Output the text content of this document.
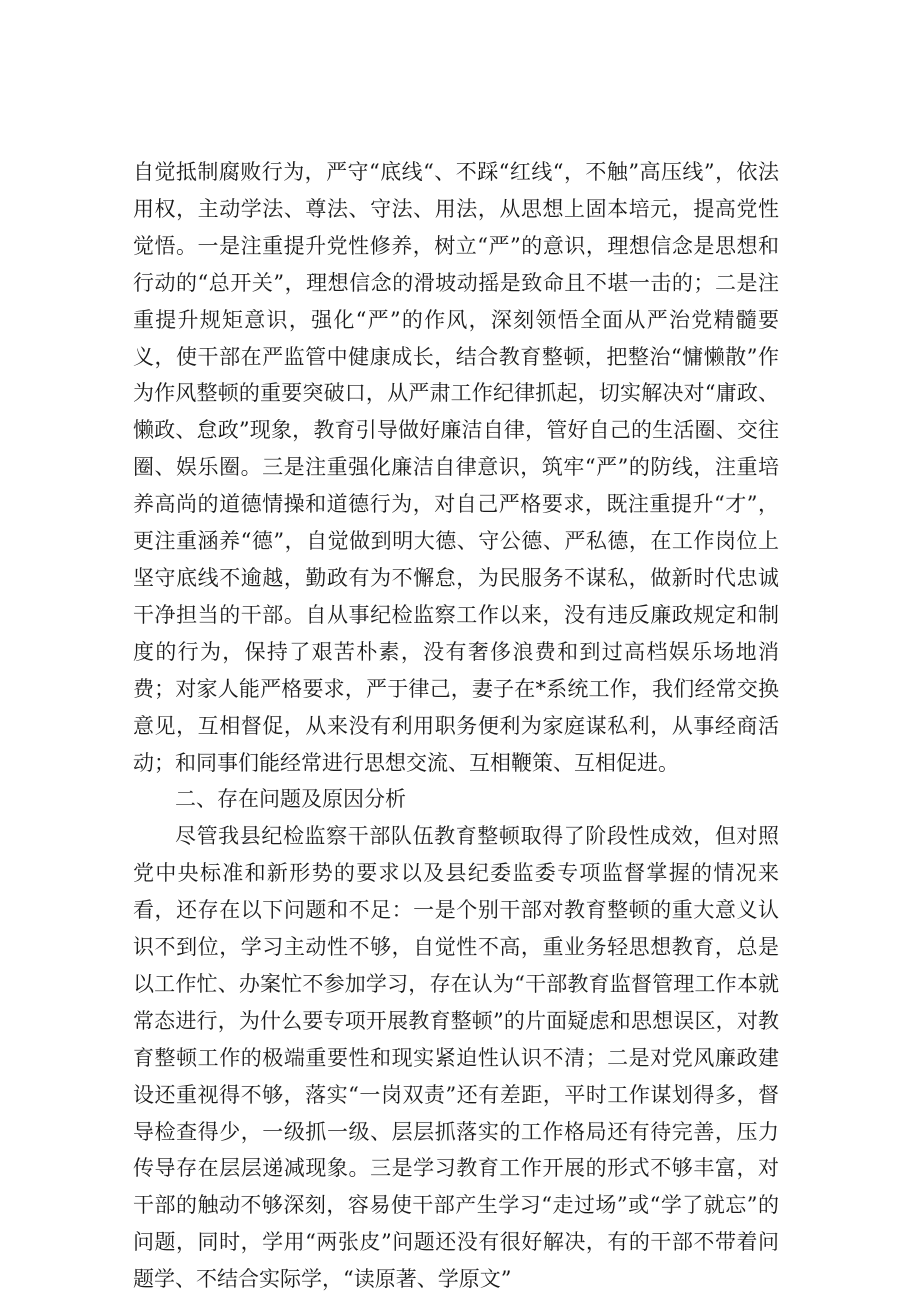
自觉抵制腐败行为，严守“底线“、不踩“红线“，不触”高压线”，依法用权，主动学法、尊法、守法、用法，从思想上固本培元，提高党性觉悟。一是注重提升党性修养，树立“严”的意识，理想信念是思想和行动的“总开关”，理想信念的滑坡动摇是致命且不堪一击的；二是注重提升规矩意识，强化“严”的作风，深刻领悟全面从严治党精髓要义，使干部在严监管中健康成长，结合教育整顿，把整治“慵懒散”作为作风整顿的重要突破口，从严肃工作纪律抓起，切实解决对“庸政、懒政、怠政”现象，教育引导做好廉洁自律，管好自己的生活圈、交往圈、娱乐圈。三是注重强化廉洁自律意识，筑牢“严”的防线，注重培养高尚的道德情操和道德行为，对自己严格要求，既注重提升“才”，更注重涵养“德”，自觉做到明大德、守公德、严私德，在工作岗位上坚守底线不逾越，勤政有为不懈怠，为民服务不谋私，做新时代忠诚干净担当的干部。自从事纪检监察工作以来，没有违反廉政规定和制度的行为，保持了艰苦朴素，没有奢侈浪费和到过高档娱乐场地消费；对家人能严格要求，严于律己，妻子在*系统工作，我们经常交换意见，互相督促，从来没有利用职务便利为家庭谋私利，从事经商活动；和同事们能经常进行思想交流、互相鞭策、互相促进。

二、存在问题及原因分析

尽管我县纪检监察干部队伍教育整顿取得了阶段性成效，但对照党中央标准和新形势的要求以及县纪委监委专项监督掌握的情况来看，还存在以下问题和不足：一是个别干部对教育整顿的重大意义认识不到位，学习主动性不够，自觉性不高，重业务轻思想教育，总是以工作忙、办案忙不参加学习，存在认为“干部教育监督管理工作本就常态进行，为什么要专项开展教育整顿”的片面疑虑和思想误区，对教育整顿工作的极端重要性和现实紧迫性认识不清；二是对党风廉政建设还重视得不够，落实“一岗双责”还有差距，平时工作谋划得多，督导检查得少，一级抓一级、层层抓落实的工作格局还有待完善，压力传导存在层层递减现象。三是学习教育工作开展的形式不够丰富，对干部的触动不够深刻，容易使干部产生学习“走过场”或“学了就忘”的问题，同时，学用“两张皮”问题还没有很好解决，有的干部不带着问题学、不结合实际学，“读原著、学原文”
